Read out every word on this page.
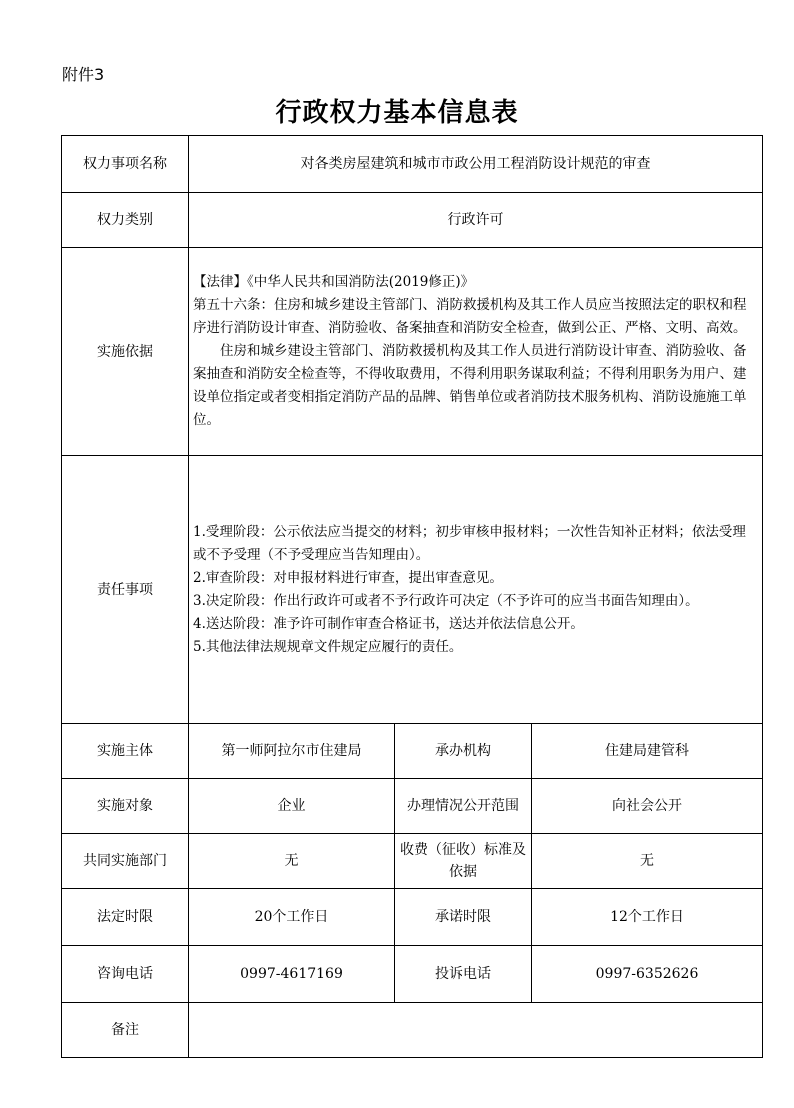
附件3
行政权力基本信息表
权力事项名称	对各类房屋建筑和城市市政公用工程消防设计规范的审查		
权力类别	行政许可		
实施依据	【法律】《中华人民共和国消防法(2019修正)》

第五十六条：住房和城乡建设主管部门、消防救援机构及其工作人员应当按照法定的职权和程序进行消防设计审查、消防验收、备案抽查和消防安全检查，做到公正、严格、文明、高效。

住房和城乡建设主管部门、消防救援机构及其工作人员进行消防设计审查、消防验收、备案抽查和消防安全检查等，不得收取费用，不得利用职务谋取利益；不得利用职务为用户、建设单位指定或者变相指定消防产品的品牌、销售单位或者消防技术服务机构、消防设施施工单位。		

责任事项	1.受理阶段：公示依法应当提交的材料；初步审核申报材料；一次性告知补正材料；依法受理或不予受理（不予受理应当告知理由）。

2.审查阶段：对申报材料进行审查，提出审查意见。

3.决定阶段：作出行政许可或者不予行政许可决定（不予许可的应当书面告知理由）。

4.送达阶段：准予许可制作审查合格证书，送达并依法信息公开。

5.其他法律法规规章文件规定应履行的责任。		

实施主体	第一师阿拉尔市住建局	承办机构	住建局建管科
实施对象	企业	办理情况公开范围	向社会公开
共同实施部门	无	收费（征收）标准及依据	无
法定时限	20个工作日	承诺时限	12个工作日
咨询电话	0997-4617169	投诉电话	0997-6352626
备注			
